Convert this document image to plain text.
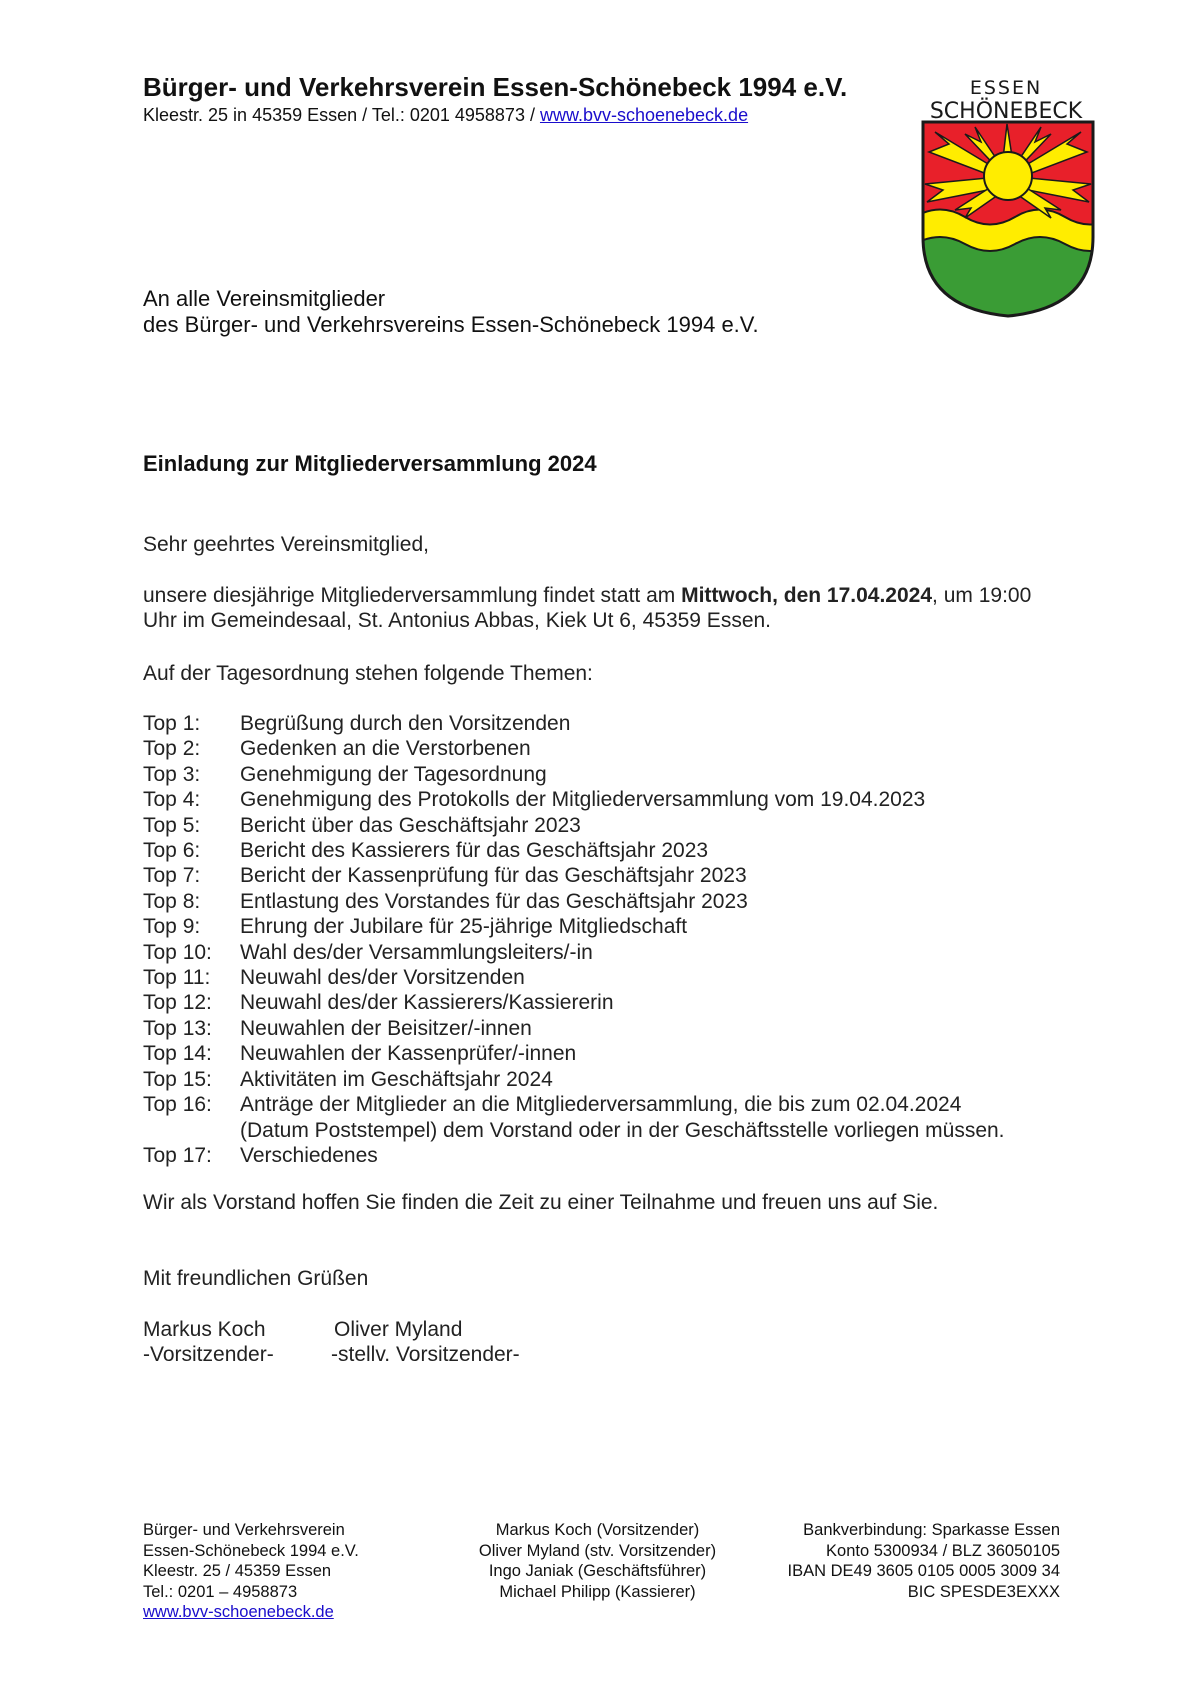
Bürger- und Verkehrsverein Essen-Schönebeck 1994 e.V.
Kleestr. 25 in 45359 Essen / Tel.: 0201 4958873 / www.bvv-schoenebeck.de
ESSEN
SCHÖNEBECK
An alle Vereinsmitglieder
des Bürger- und Verkehrsvereins Essen-Schönebeck 1994 e.V.
Einladung zur Mitgliederversammlung 2024
Sehr geehrtes Vereinsmitglied,
unsere diesjährige Mitgliederversammlung findet statt am Mittwoch, den 17.04.2024, um 19:00 Uhr im Gemeindesaal, St. Antonius Abbas, Kiek Ut 6, 45359 Essen.
Auf der Tagesordnung stehen folgende Themen:
Top 1:	Begrüßung durch den Vorsitzenden
Top 2:	Gedenken an die Verstorbenen
Top 3:	Genehmigung der Tagesordnung
Top 4:	Genehmigung des Protokolls der Mitgliederversammlung vom 19.04.2023
Top 5:	Bericht über das Geschäftsjahr 2023
Top 6:	Bericht des Kassierers für das Geschäftsjahr 2023
Top 7:	Bericht der Kassenprüfung für das Geschäftsjahr 2023
Top 8:	Entlastung des Vorstandes für das Geschäftsjahr 2023
Top 9:	Ehrung der Jubilare für 25-jährige Mitgliedschaft
Top 10:	Wahl des/der Versammlungsleiters/-in
Top 11:	Neuwahl des/der Vorsitzenden
Top 12:	Neuwahl des/der Kassierers/Kassiererin
Top 13:	Neuwahlen der Beisitzer/-innen
Top 14:	Neuwahlen der Kassenprüfer/-innen
Top 15:	Aktivitäten im Geschäftsjahr 2024
Top 16:	Anträge der Mitglieder an die Mitgliederversammlung, die bis zum 02.04.2024
(Datum Poststempel) dem Vorstand oder in der Geschäftsstelle vorliegen müssen.
Top 17:	Verschiedenes
Wir als Vorstand hoffen Sie finden die Zeit zu einer Teilnahme und freuen uns auf Sie.
Mit freundlichen Grüßen
Markus Koch
-Vorsitzender-
Oliver Myland
-stellv. Vorsitzender-
Bürger- und Verkehrsverein
Essen-Schönebeck 1994 e.V.
Kleestr. 25 / 45359 Essen
Tel.: 0201 – 4958873
www.bvv-schoenebeck.de
Markus Koch (Vorsitzender)
Oliver Myland (stv. Vorsitzender)
Ingo Janiak (Geschäftsführer)
Michael Philipp (Kassierer)
Bankverbindung: Sparkasse Essen
Konto 5300934 / BLZ 36050105
IBAN DE49 3605 0105 0005 3009 34
BIC SPESDE3EXXX
